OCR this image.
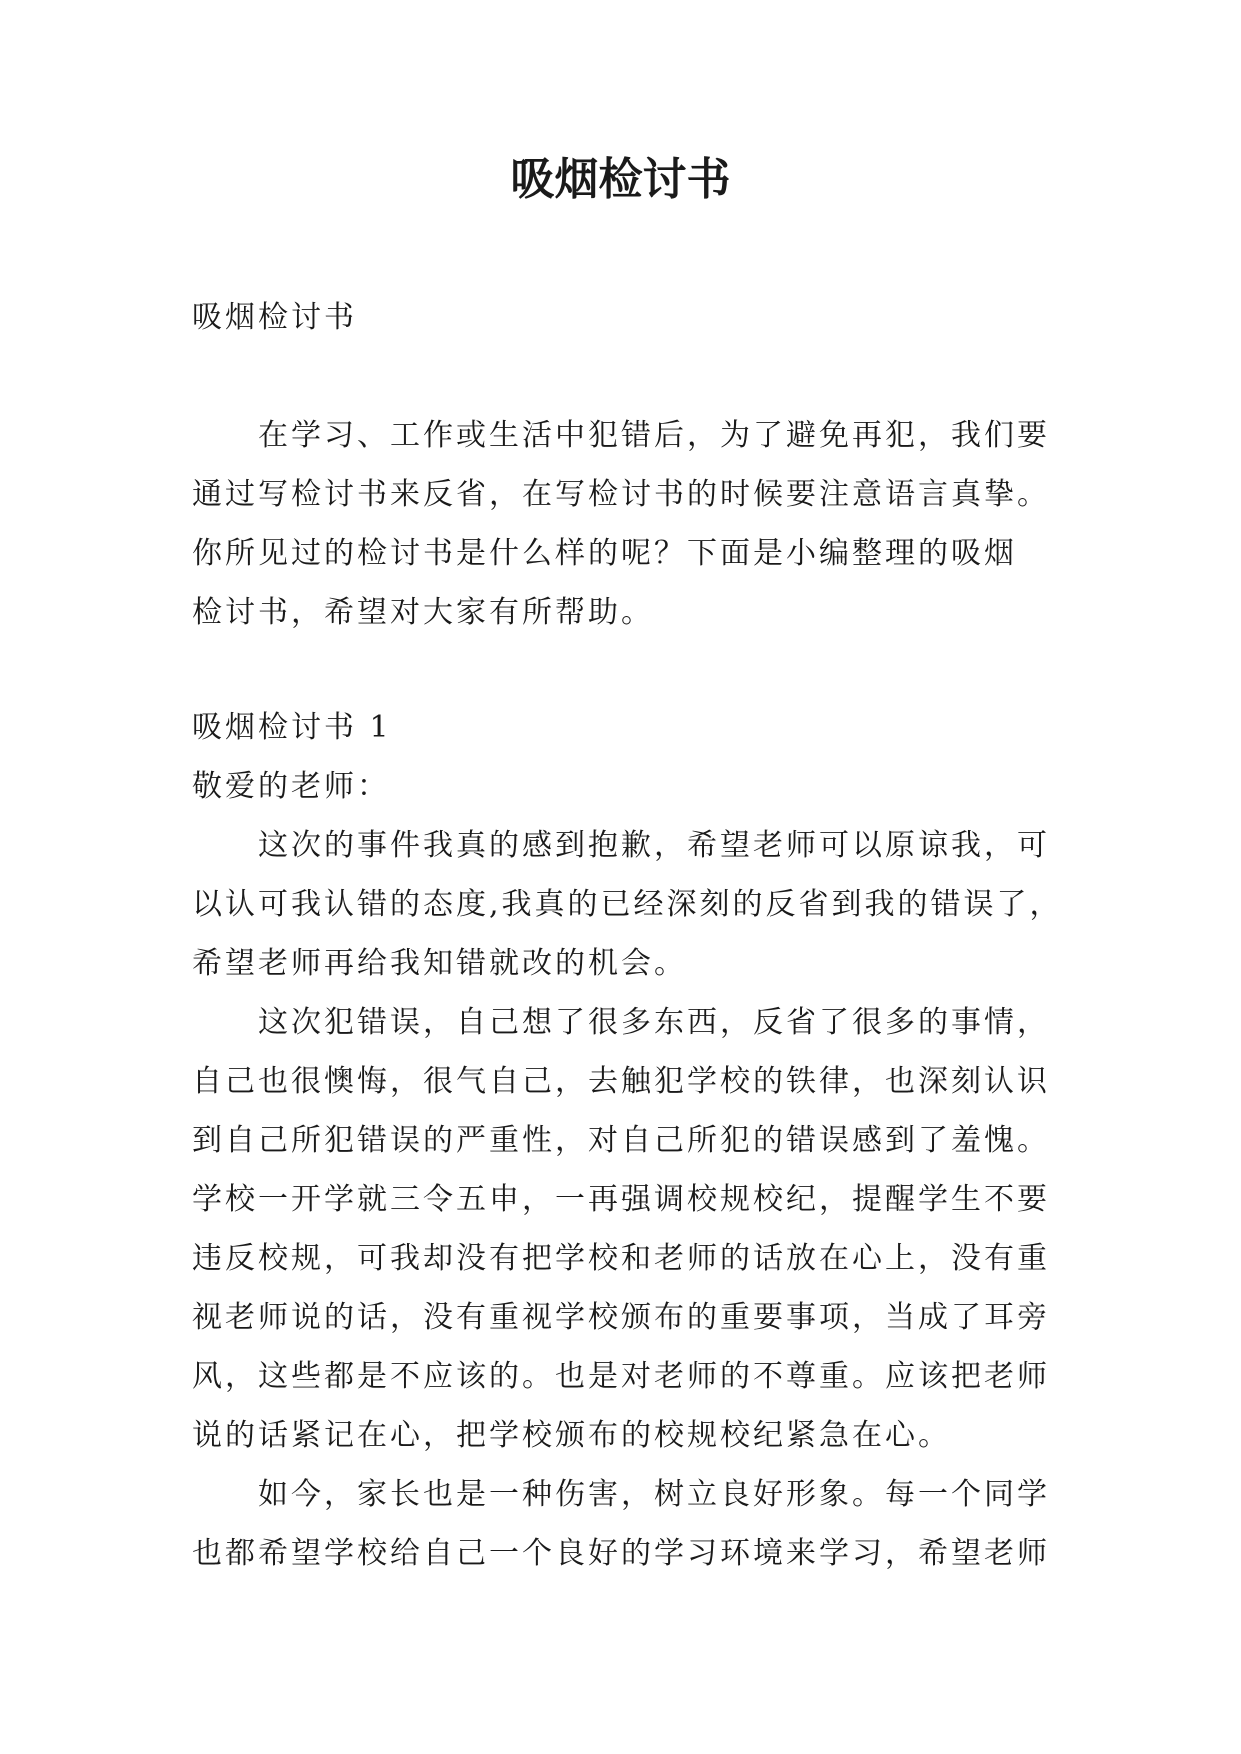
吸烟检讨书

吸烟检讨书

在学习、工作或生活中犯错后，为了避免再犯，我们要

通过写检讨书来反省，在写检讨书的时候要注意语言真挚。

你所见过的检讨书是什么样的呢？下面是小编整理的吸烟

检讨书，希望对大家有所帮助。

吸烟检讨书 1

敬爱的老师：

这次的事件我真的感到抱歉，希望老师可以原谅我，可

以认可我认错的态度,我真的已经深刻的反省到我的错误了，

希望老师再给我知错就改的机会。

这次犯错误，自己想了很多东西，反省了很多的事情，

自己也很懊悔，很气自己，去触犯学校的铁律，也深刻认识

到自己所犯错误的严重性，对自己所犯的错误感到了羞愧。

学校一开学就三令五申，一再强调校规校纪，提醒学生不要

违反校规，可我却没有把学校和老师的话放在心上，没有重

视老师说的话，没有重视学校颁布的重要事项，当成了耳旁

风，这些都是不应该的。也是对老师的不尊重。应该把老师

说的话紧记在心，把学校颁布的校规校纪紧急在心。

如今，家长也是一种伤害，树立良好形象。每一个同学

也都希望学校给自己一个良好的学习环境来学习，希望老师
